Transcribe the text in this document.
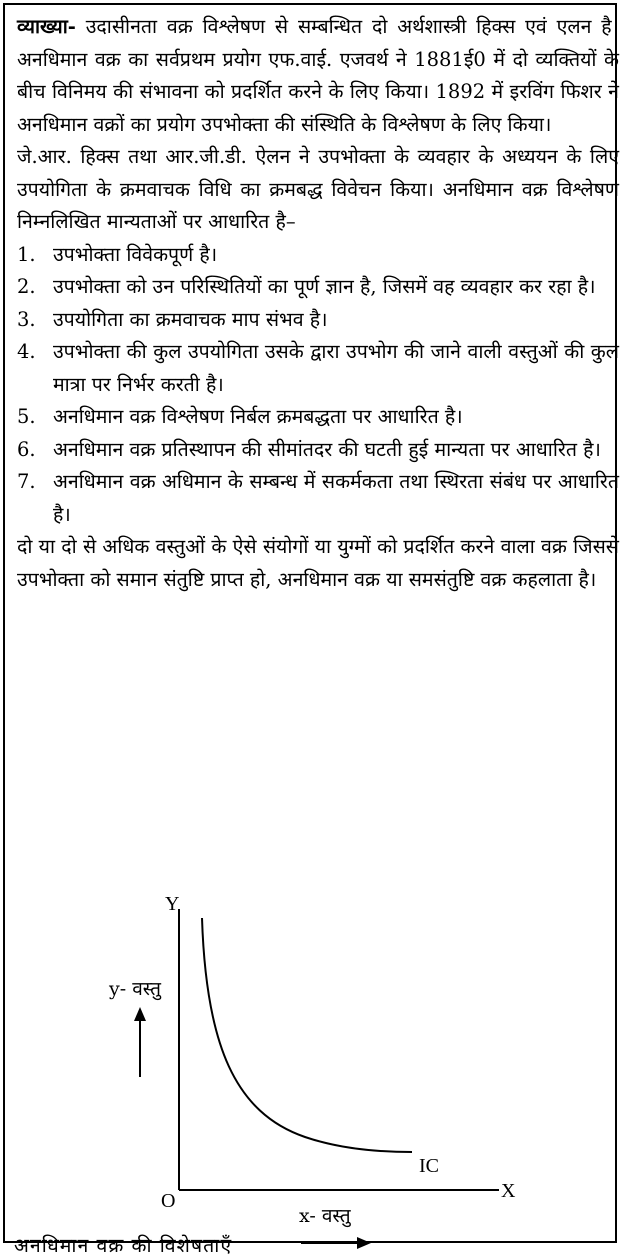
व्याख्या- उदासीनता वक्र विश्लेषण से सम्बन्धित दो अर्थशास्त्री हिक्स एवं एलन है। अनधिमान वक्र का सर्वप्रथम प्रयोग एफ.वाई. एजवर्थ ने 1881ई0 में दो व्यक्तियों के बीच विनिमय की संभावना को प्रदर्शित करने के लिए किया। 1892 में इरविंग फिशर ने अनधिमान वक्रों का प्रयोग उपभोक्ता की संस्थिति के विश्लेषण के लिए किया।

जे.आर. हिक्स तथा आर.जी.डी. ऐलन ने उपभोक्ता के व्यवहार के अध्ययन के लिए उपयोगिता के क्रमवाचक विधि का क्रमबद्ध विवेचन किया। अनधिमान वक्र विश्लेषण निम्नलिखित मान्यताओं पर आधारित है–

1. उपभोक्ता विवेकपूर्ण है।
2. उपभोक्ता को उन परिस्थितियों का पूर्ण ज्ञान है, जिसमें वह व्यवहार कर रहा है।
3. उपयोगिता का क्रमवाचक माप संभव है।
4. उपभोक्ता की कुल उपयोगिता उसके द्वारा उपभोग की जाने वाली वस्तुओं की कुल मात्रा पर निर्भर करती है।
5. अनधिमान वक्र विश्लेषण निर्बल क्रमबद्धता पर आधारित है।
6. अनधिमान वक्र प्रतिस्थापन की सीमांतदर की घटती हुई मान्यता पर आधारित है।
7. अनधिमान वक्र अधिमान के सम्बन्ध में सकर्मकता तथा स्थिरता संबंध पर आधारित है।

दो या दो से अधिक वस्तुओं के ऐसे संयोगों या युग्मों को प्रदर्शित करने वाला वक्र जिससे उपभोक्ता को समान संतुष्टि प्राप्त हो, अनधिमान वक्र या समसंतुष्टि वक्र कहलाता है।

Y
X
O
y- वस्तु
IC
x- वस्तु
अनधिमान वक्र की विशेषताएँ
